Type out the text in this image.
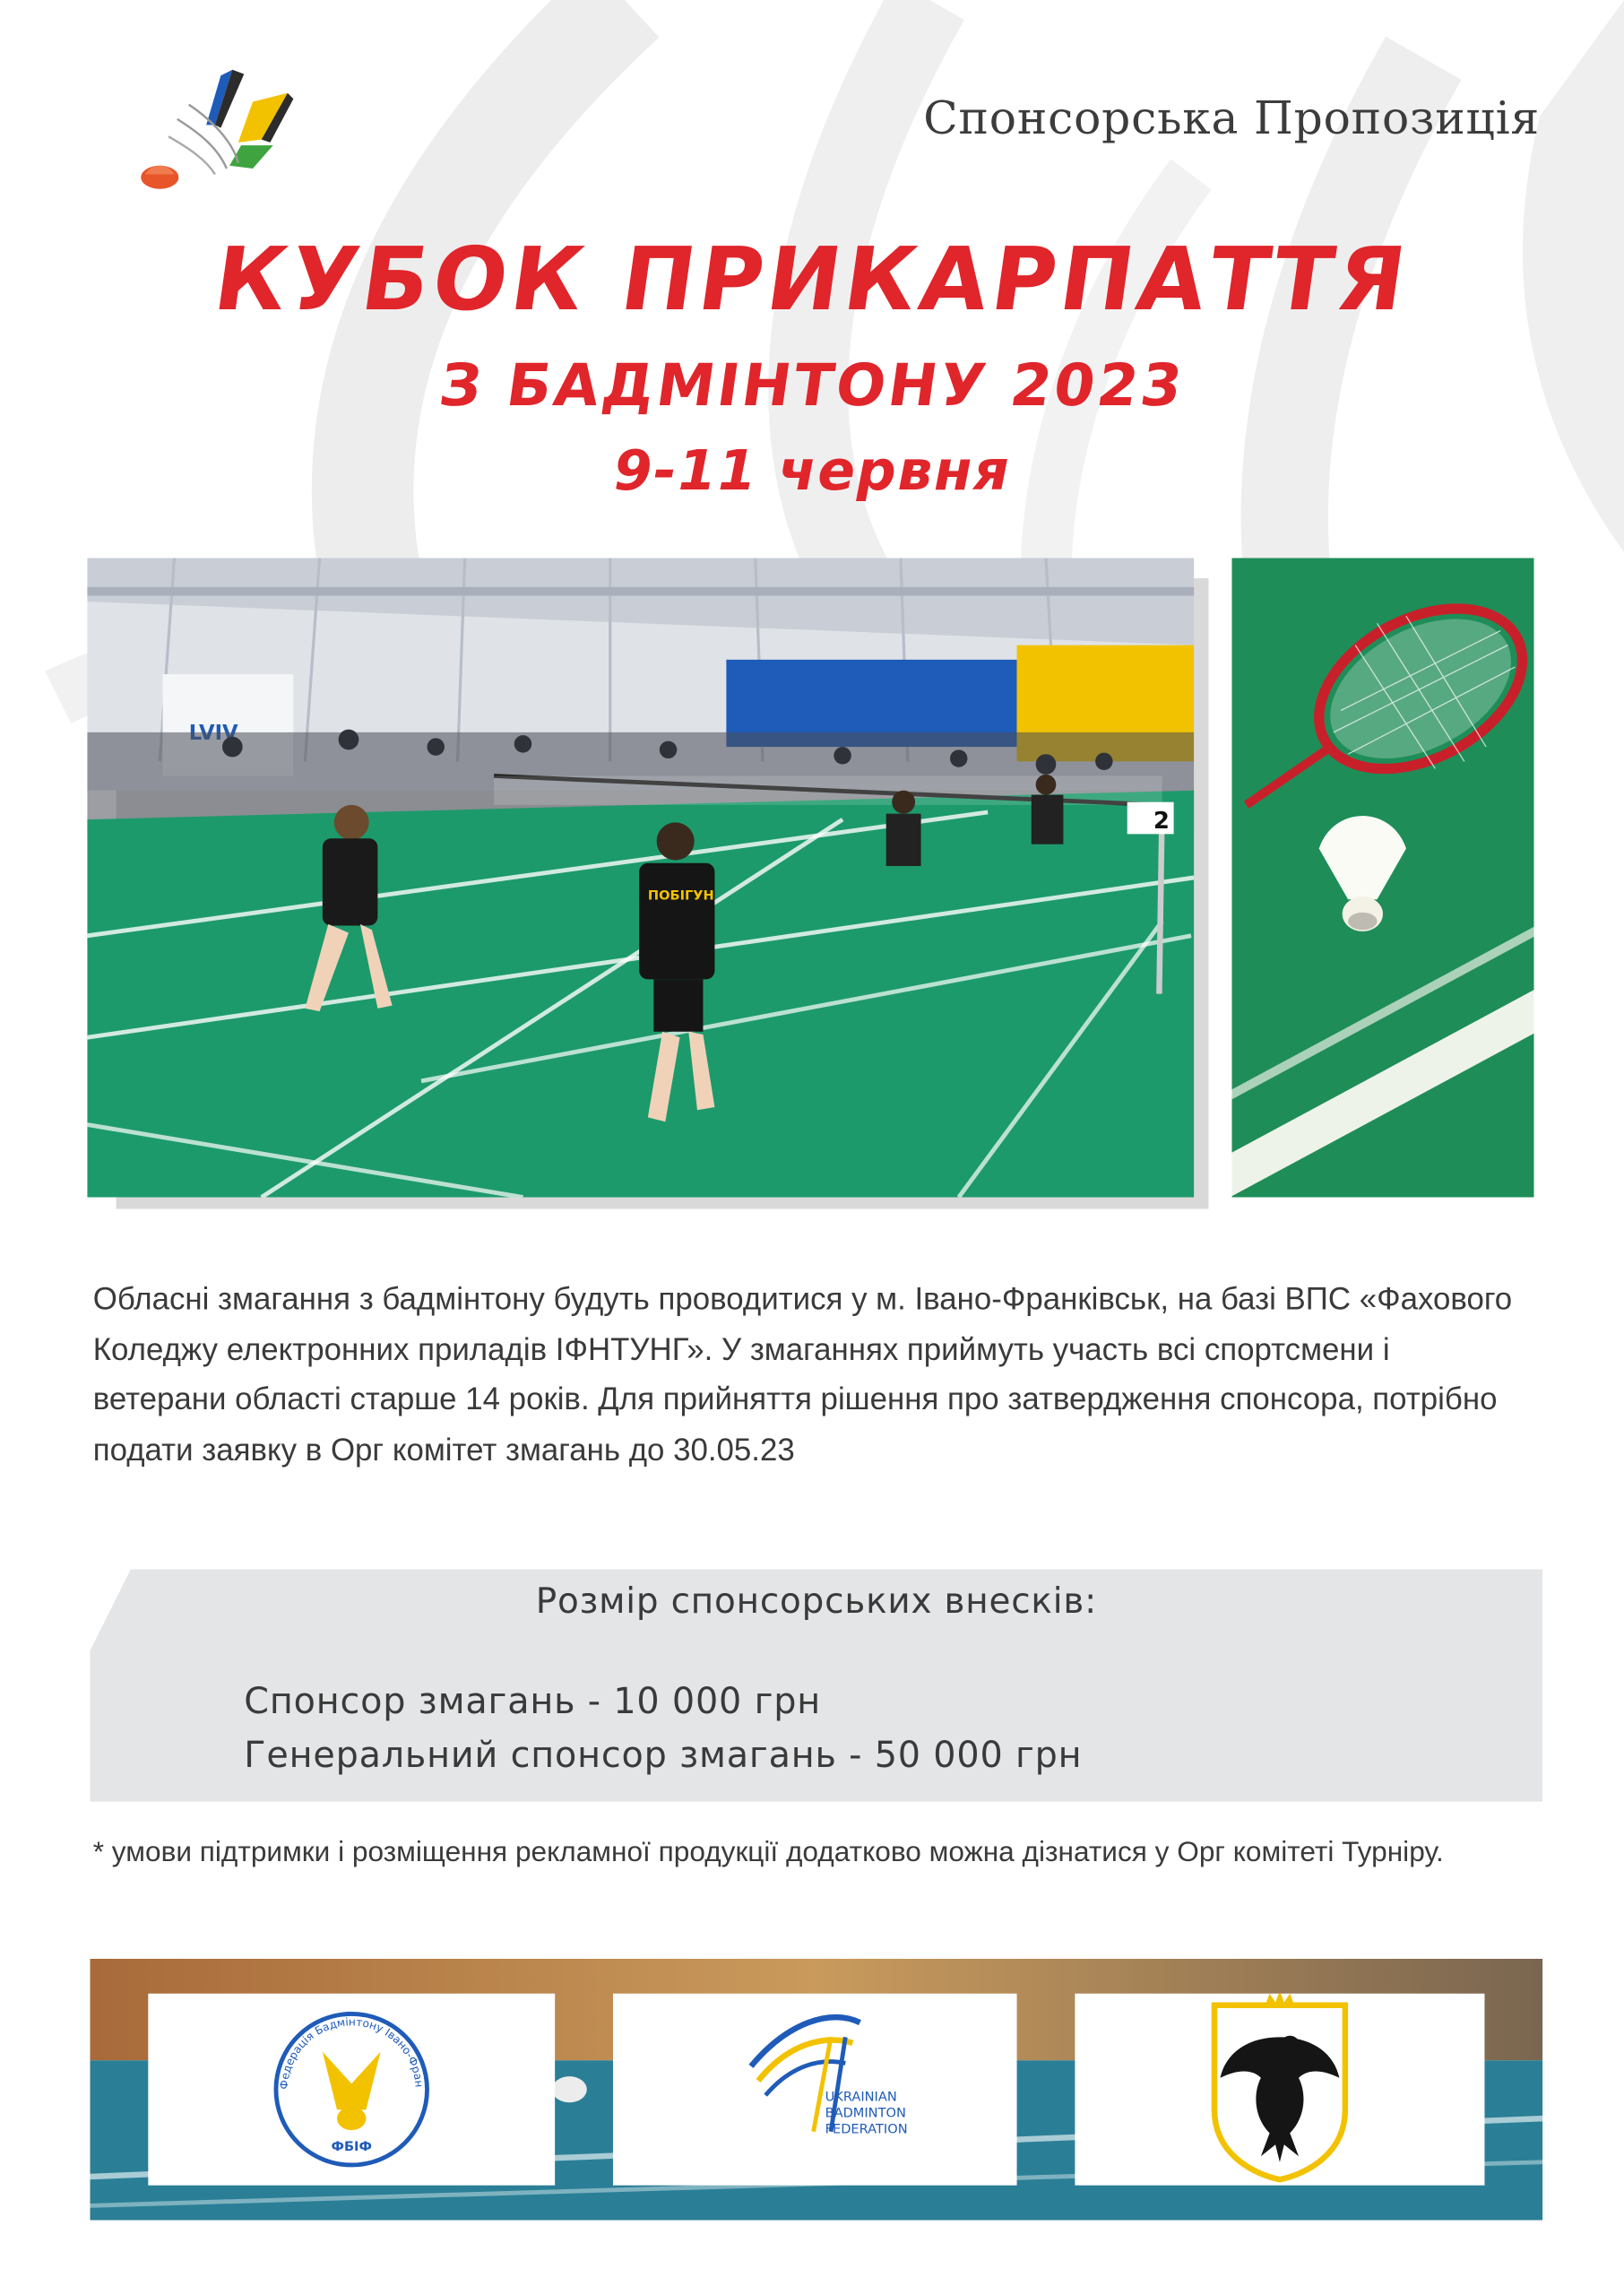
Спонсорська Пропозиція
КУБОК ПРИКАРПАТТЯ
З БАДМІНТОНУ 2023
9-11 червня
2
ПОБІГУН
Обласні змагання з бадмінтону будуть проводитися у м. Івано-Франківськ, на базі ВПС «Фахового Коледжу електронних приладів ІФНТУНГ». У змаганнях приймуть участь всі спортсмени і ветерани області старше 14 років. Для прийняття рішення про затвердження спонсора, потрібно подати заявку в Орг комітет змагань до 30.05.23
Розмір спонсорських внесків:
Спонсор змагань - 10 000 грн
Генеральний спонсор змагань - 50 000 грн
* умови підтримки і розміщення рекламної продукції додатково можна дізнатися у Орг комітеті Турніру.
Федерація Бадмінтону Івано-Фран
ФБІФ
UKRAINIAN
BADMINTON
FEDERATION
